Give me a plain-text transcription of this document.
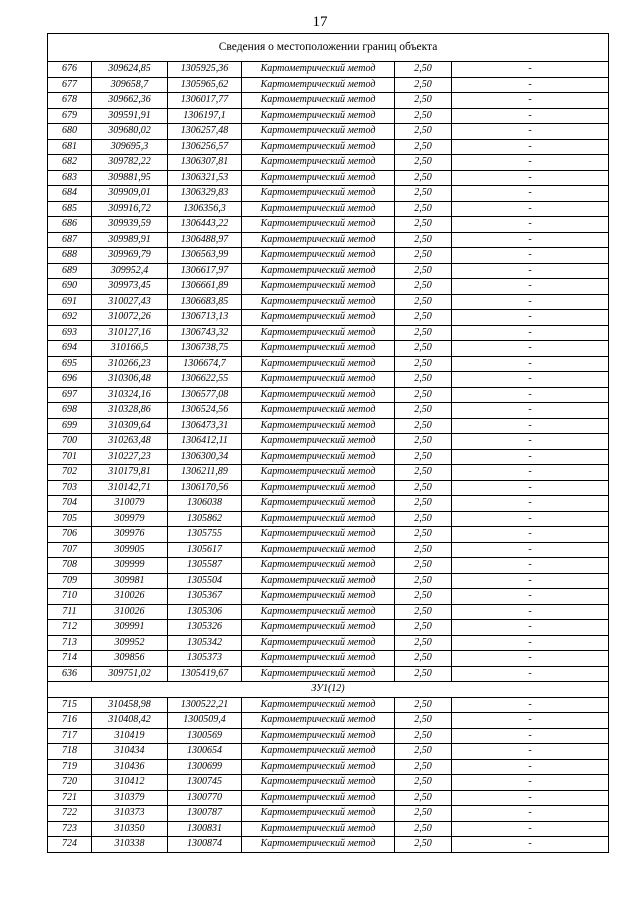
17
Сведения о местоположении границ объекта					
676	309624,85	1305925,36	Картометрический метод	2,50	-
677	309658,7	1305965,62	Картометрический метод	2,50	-
678	309662,36	1306017,77	Картометрический метод	2,50	-
679	309591,91	1306197,1	Картометрический метод	2,50	-
680	309680,02	1306257,48	Картометрический метод	2,50	-
681	309695,3	1306256,57	Картометрический метод	2,50	-
682	309782,22	1306307,81	Картометрический метод	2,50	-
683	309881,95	1306321,53	Картометрический метод	2,50	-
684	309909,01	1306329,83	Картометрический метод	2,50	-
685	309916,72	1306356,3	Картометрический метод	2,50	-
686	309939,59	1306443,22	Картометрический метод	2,50	-
687	309989,91	1306488,97	Картометрический метод	2,50	-
688	309969,79	1306563,99	Картометрический метод	2,50	-
689	309952,4	1306617,97	Картометрический метод	2,50	-
690	309973,45	1306661,89	Картометрический метод	2,50	-
691	310027,43	1306683,85	Картометрический метод	2,50	-
692	310072,26	1306713,13	Картометрический метод	2,50	-
693	310127,16	1306743,32	Картометрический метод	2,50	-
694	310166,5	1306738,75	Картометрический метод	2,50	-
695	310266,23	1306674,7	Картометрический метод	2,50	-
696	310306,48	1306622,55	Картометрический метод	2,50	-
697	310324,16	1306577,08	Картометрический метод	2,50	-
698	310328,86	1306524,56	Картометрический метод	2,50	-
699	310309,64	1306473,31	Картометрический метод	2,50	-
700	310263,48	1306412,11	Картометрический метод	2,50	-
701	310227,23	1306300,34	Картометрический метод	2,50	-
702	310179,81	1306211,89	Картометрический метод	2,50	-
703	310142,71	1306170,56	Картометрический метод	2,50	-
704	310079	1306038	Картометрический метод	2,50	-
705	309979	1305862	Картометрический метод	2,50	-
706	309976	1305755	Картометрический метод	2,50	-
707	309905	1305617	Картометрический метод	2,50	-
708	309999	1305587	Картометрический метод	2,50	-
709	309981	1305504	Картометрический метод	2,50	-
710	310026	1305367	Картометрический метод	2,50	-
711	310026	1305306	Картометрический метод	2,50	-
712	309991	1305326	Картометрический метод	2,50	-
713	309952	1305342	Картометрический метод	2,50	-
714	309856	1305373	Картометрический метод	2,50	-
636	309751,02	1305419,67	Картометрический метод	2,50	-
ЗУ1(12)					
715	310458,98	1300522,21	Картометрический метод	2,50	-
716	310408,42	1300509,4	Картометрический метод	2,50	-
717	310419	1300569	Картометрический метод	2,50	-
718	310434	1300654	Картометрический метод	2,50	-
719	310436	1300699	Картометрический метод	2,50	-
720	310412	1300745	Картометрический метод	2,50	-
721	310379	1300770	Картометрический метод	2,50	-
722	310373	1300787	Картометрический метод	2,50	-
723	310350	1300831	Картометрический метод	2,50	-
724	310338	1300874	Картометрический метод	2,50	-
